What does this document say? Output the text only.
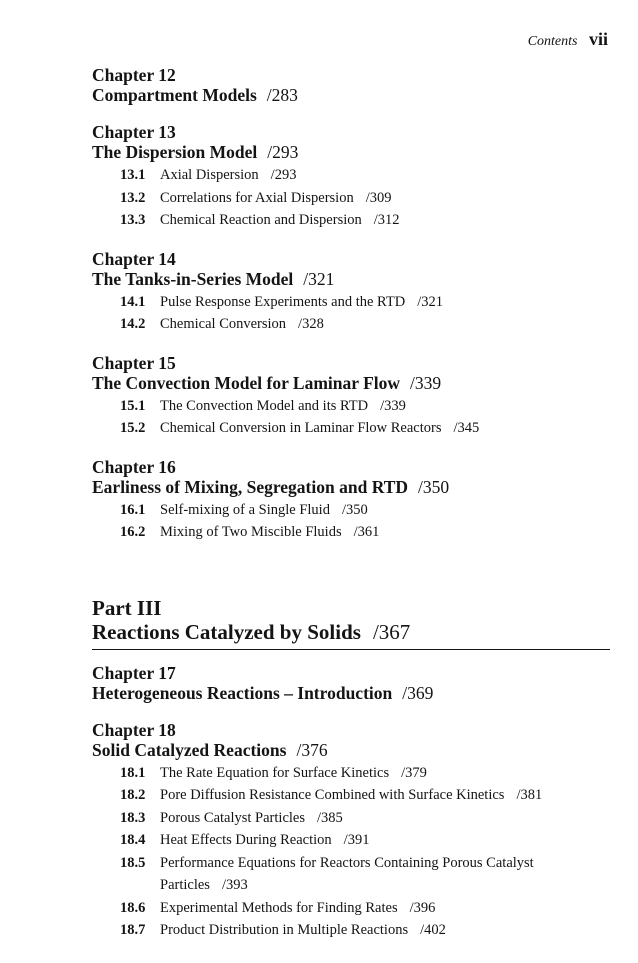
Contents vii
Chapter 12
Compartment Models /283
Chapter 13
The Dispersion Model /293
13.1	Axial Dispersion /293
13.2	Correlations for Axial Dispersion /309
13.3	Chemical Reaction and Dispersion /312
Chapter 14
The Tanks-in-Series Model /321
14.1	Pulse Response Experiments and the RTD /321
14.2	Chemical Conversion /328
Chapter 15
The Convection Model for Laminar Flow /339
15.1	The Convection Model and its RTD /339
15.2	Chemical Conversion in Laminar Flow Reactors /345
Chapter 16
Earliness of Mixing, Segregation and RTD /350
16.1	Self-mixing of a Single Fluid /350
16.2	Mixing of Two Miscible Fluids /361
Part III
Reactions Catalyzed by Solids /367
Chapter 17
Heterogeneous Reactions – Introduction /369
Chapter 18
Solid Catalyzed Reactions /376
18.1	The Rate Equation for Surface Kinetics /379
18.2	Pore Diffusion Resistance Combined with Surface Kinetics /381
18.3	Porous Catalyst Particles /385
18.4	Heat Effects During Reaction /391
18.5	Performance Equations for Reactors Containing Porous Catalyst Particles /393
18.6	Experimental Methods for Finding Rates /396
18.7	Product Distribution in Multiple Reactions /402
